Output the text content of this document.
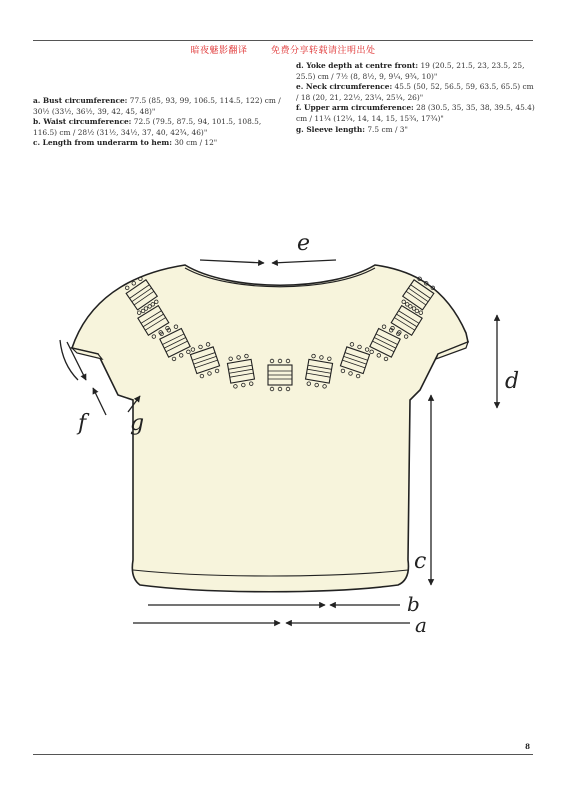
暗夜魅影翻译	免费分享转载请注明出处

a. Bust circumference: 77.5 (85, 93, 99, 106.5, 114.5, 122) cm / 30½ (33½, 36½, 39, 42, 45, 48)"

b. Waist circumference: 72.5 (79.5, 87.5, 94, 101.5, 108.5, 116.5) cm / 28½ (31½, 34½, 37, 40, 42¾, 46)"

c. Length from underarm to hem: 30 cm / 12"

d. Yoke depth at centre front: 19 (20.5, 21.5, 23, 23.5, 25, 25.5) cm / 7½ (8, 8½, 9, 9¼, 9¾, 10)"

e. Neck circumference: 45.5 (50, 52, 56.5, 59, 63.5, 65.5) cm / 18 (20, 21, 22½, 23¼, 25¼, 26)"

f. Upper arm circumference: 28 (30.5, 35, 35, 38, 39.5, 45.4) cm / 11¼ (12¼, 14, 14, 15, 15¾, 17¾)"

g. Sleeve length: 7.5 cm / 3"

e
d
c
b
a
f g
8
